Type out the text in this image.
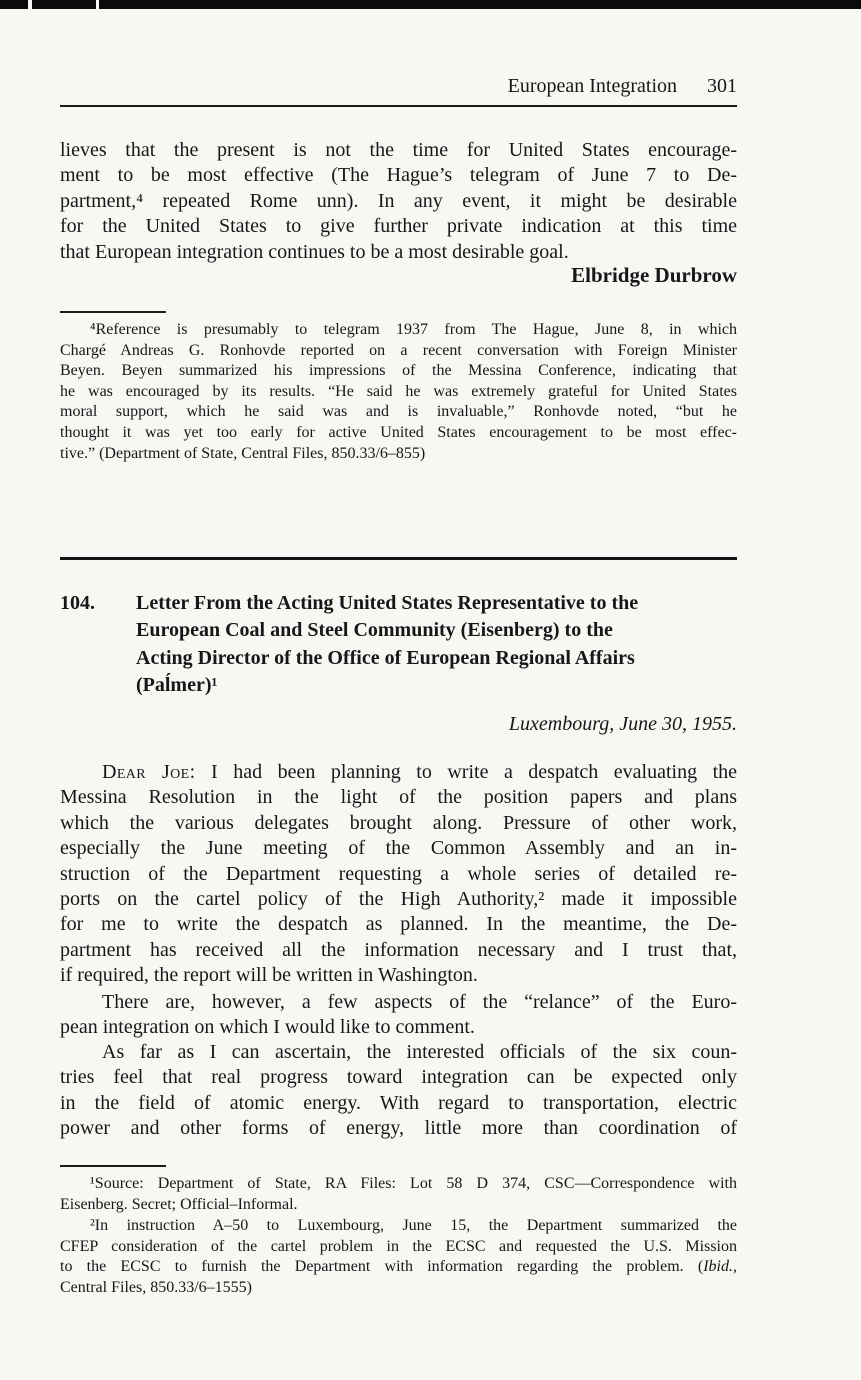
European Integration 301
lieves that the present is not the time for United States encourage-
ment to be most effective (The Hague’s telegram of June 7 to De-
partment,⁴ repeated Rome unn). In any event, it might be desirable
for the United States to give further private indication at this time
that European integration continues to be a most desirable goal.
Elbridge Durbrow
⁴Reference is presumably to telegram 1937 from The Hague, June 8, in which
Chargé Andreas G. Ronhovde reported on a recent conversation with Foreign Minister
Beyen. Beyen summarized his impressions of the Messina Conference, indicating that
he was encouraged by its results. “He said he was extremely grateful for United States
moral support, which he said was and is invaluable,” Ronhovde noted, “but he
thought it was yet too early for active United States encouragement to be most effec-
tive.” (Department of State, Central Files, 850.33/6–855)
104. Letter From the Acting United States Representative to the
European Coal and Steel Community (Eisenberg) to the
Acting Director of the Office of European Regional Affairs
(Paĺmer)¹
Luxembourg, June 30, 1955.
Dear Joe: I had been planning to write a despatch evaluating the
Messina Resolution in the light of the position papers and plans
which the various delegates brought along. Pressure of other work,
especially the June meeting of the Common Assembly and an in-
struction of the Department requesting a whole series of detailed re-
ports on the cartel policy of the High Authority,² made it impossible
for me to write the despatch as planned. In the meantime, the De-
partment has received all the information necessary and I trust that,
if required, the report will be written in Washington.
There are, however, a few aspects of the “relance” of the Euro-
pean integration on which I would like to comment.
As far as I can ascertain, the interested officials of the six coun-
tries feel that real progress toward integration can be expected only
in the field of atomic energy. With regard to transportation, electric
power and other forms of energy, little more than coordination of
¹Source: Department of State, RA Files: Lot 58 D 374, CSC—Correspondence with
Eisenberg. Secret; Official–Informal.
²In instruction A–50 to Luxembourg, June 15, the Department summarized the
CFEP consideration of the cartel problem in the ECSC and requested the U.S. Mission
to the ECSC to furnish the Department with information regarding the problem. (Ibid.,
Central Files, 850.33/6–1555)
